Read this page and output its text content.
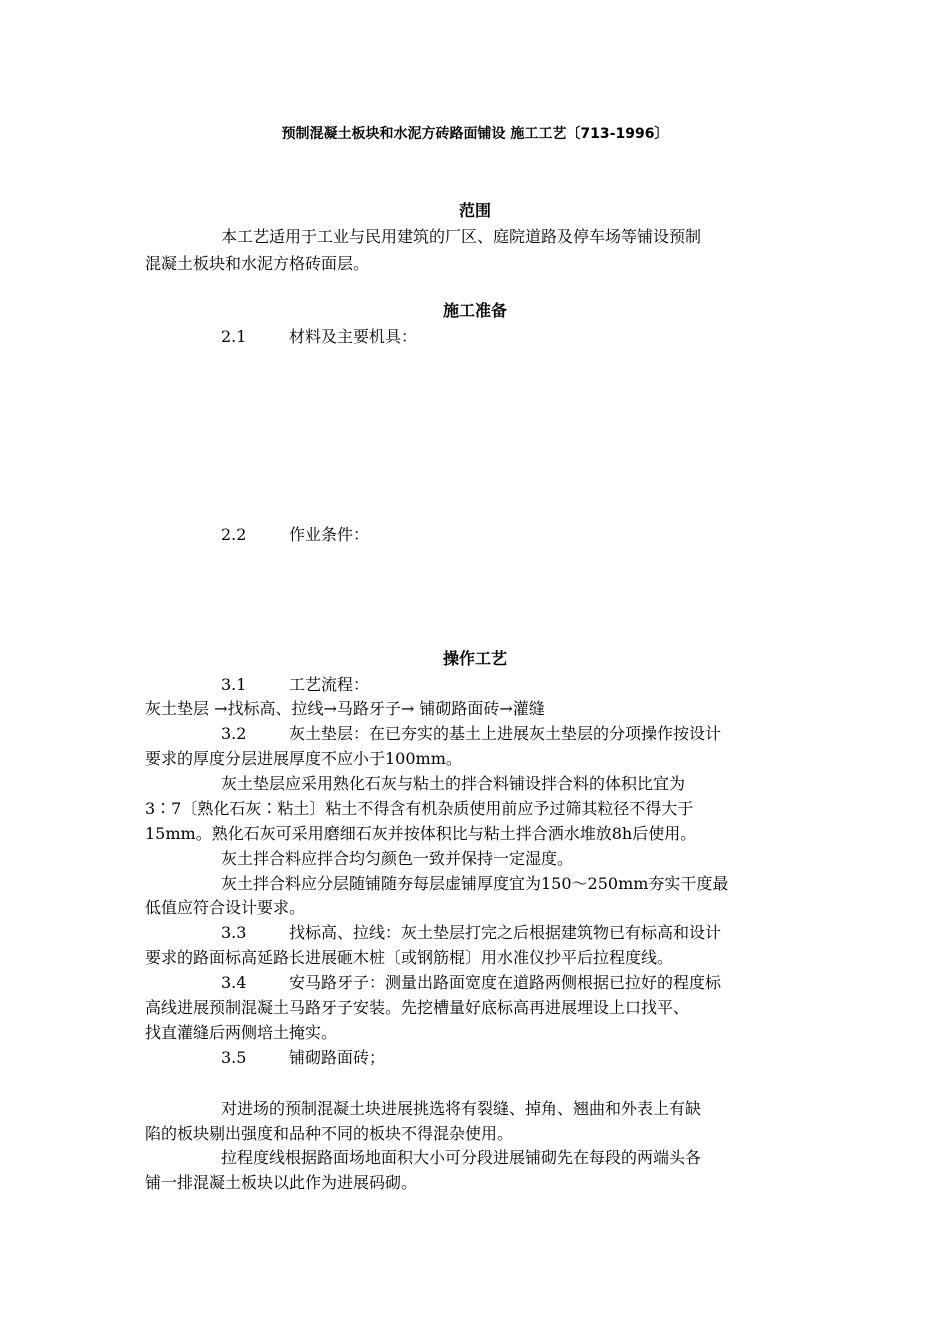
预制混凝土板块和水泥方砖路面铺设 施工工艺〔713-1996〕
范围
本工艺适用于工业与民用建筑的厂区、庭院道路及停车场等铺设预制
混凝土板块和水泥方格砖面层。
施工准备
2.1	材料及主要机具：
2.2	作业条件：
操作工艺
3.1	工艺流程：
灰土垫层 →找标高、拉线→马路牙子→ 铺砌路面砖→灌缝
3.2	灰土垫层：在已夯实的基土上进展灰土垫层的分项操作按设计
要求的厚度分层进展厚度不应小于100mm。
灰土垫层应采用熟化石灰与粘土的拌合料铺设拌合料的体积比宜为
3∶7〔熟化石灰∶粘土〕粘土不得含有机杂质使用前应予过筛其粒径不得大于
15mm。熟化石灰可采用磨细石灰并按体积比与粘土拌合洒水堆放8h后使用。
灰土拌合料应拌合均匀颜色一致并保持一定湿度。
灰土拌合料应分层随铺随夯每层虚铺厚度宜为150～250mm夯实干度最
低值应符合设计要求。
3.3	找标高、拉线：灰土垫层打完之后根据建筑物已有标高和设计
要求的路面标高延路长进展砸木桩〔或钢筋棍〕用水准仪抄平后拉程度线。
3.4	安马路牙子：测量出路面宽度在道路两侧根据已拉好的程度标
高线进展预制混凝土马路牙子安装。先挖槽量好底标高再进展埋设上口找平、
找直灌缝后两侧培土掩实。
3.5	铺砌路面砖；
对进场的预制混凝土块进展挑选将有裂缝、掉角、翘曲和外表上有缺
陷的板块剔出强度和品种不同的板块不得混杂使用。
拉程度线根据路面场地面积大小可分段进展铺砌先在每段的两端头各
铺一排混凝土板块以此作为进展码砌。
